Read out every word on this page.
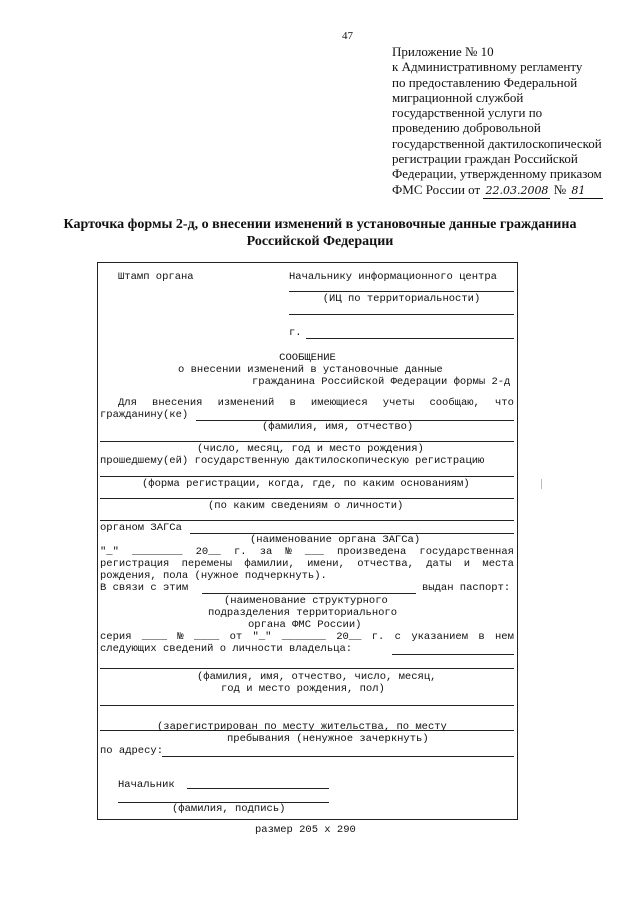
47
Приложение № 10
к Административному регламенту
по предоставлению Федеральной
миграционной службой
государственной услуги по
проведению добровольной
государственной дактилоскопической
регистрации граждан Российской
Федерации, утвержденному приказом
ФМС России от 22.03.2008 № 81
Карточка формы 2-д, о внесении изменений в установочные данные гражданина Российской Федерации
Штамп органа	Начальнику информационного центра
(ИЦ по территориальности)
г.
СООБЩЕНИЕ
о внесении изменений в установочные данные
гражданина Российской Федерации формы 2-д
Для внесения изменений в имеющиеся учеты сообщаю, что
гражданину(ке)
(фамилия, имя, отчество)
(число, месяц, год и место рождения)
прошедшему(ей) государственную дактилоскопическую регистрацию
(форма регистрации, когда, где, по каким основаниям)
(по каким сведениям о личности)
органом ЗАГСа
(наименование органа ЗАГСа)
"_" ________ 20__ г. за № ___ произведена государственная
регистрация перемены фамилии, имени, отчества, даты и места
рождения, пола (нужное подчеркнуть).
В связи с этим	выдан паспорт:
(наименование структурного
подразделения территориального
органа ФМС России)
серия ____ № ____ от "_" _______ 20__ г. с указанием в нем
следующих сведений о личности владельца:
(фамилия, имя, отчество, число, месяц,
год и место рождения, пол)
(зарегистрирован по месту жительства, по месту
пребывания (ненужное зачеркнуть)
по адресу:
Начальник
(фамилия, подпись)
размер 205 x 290
